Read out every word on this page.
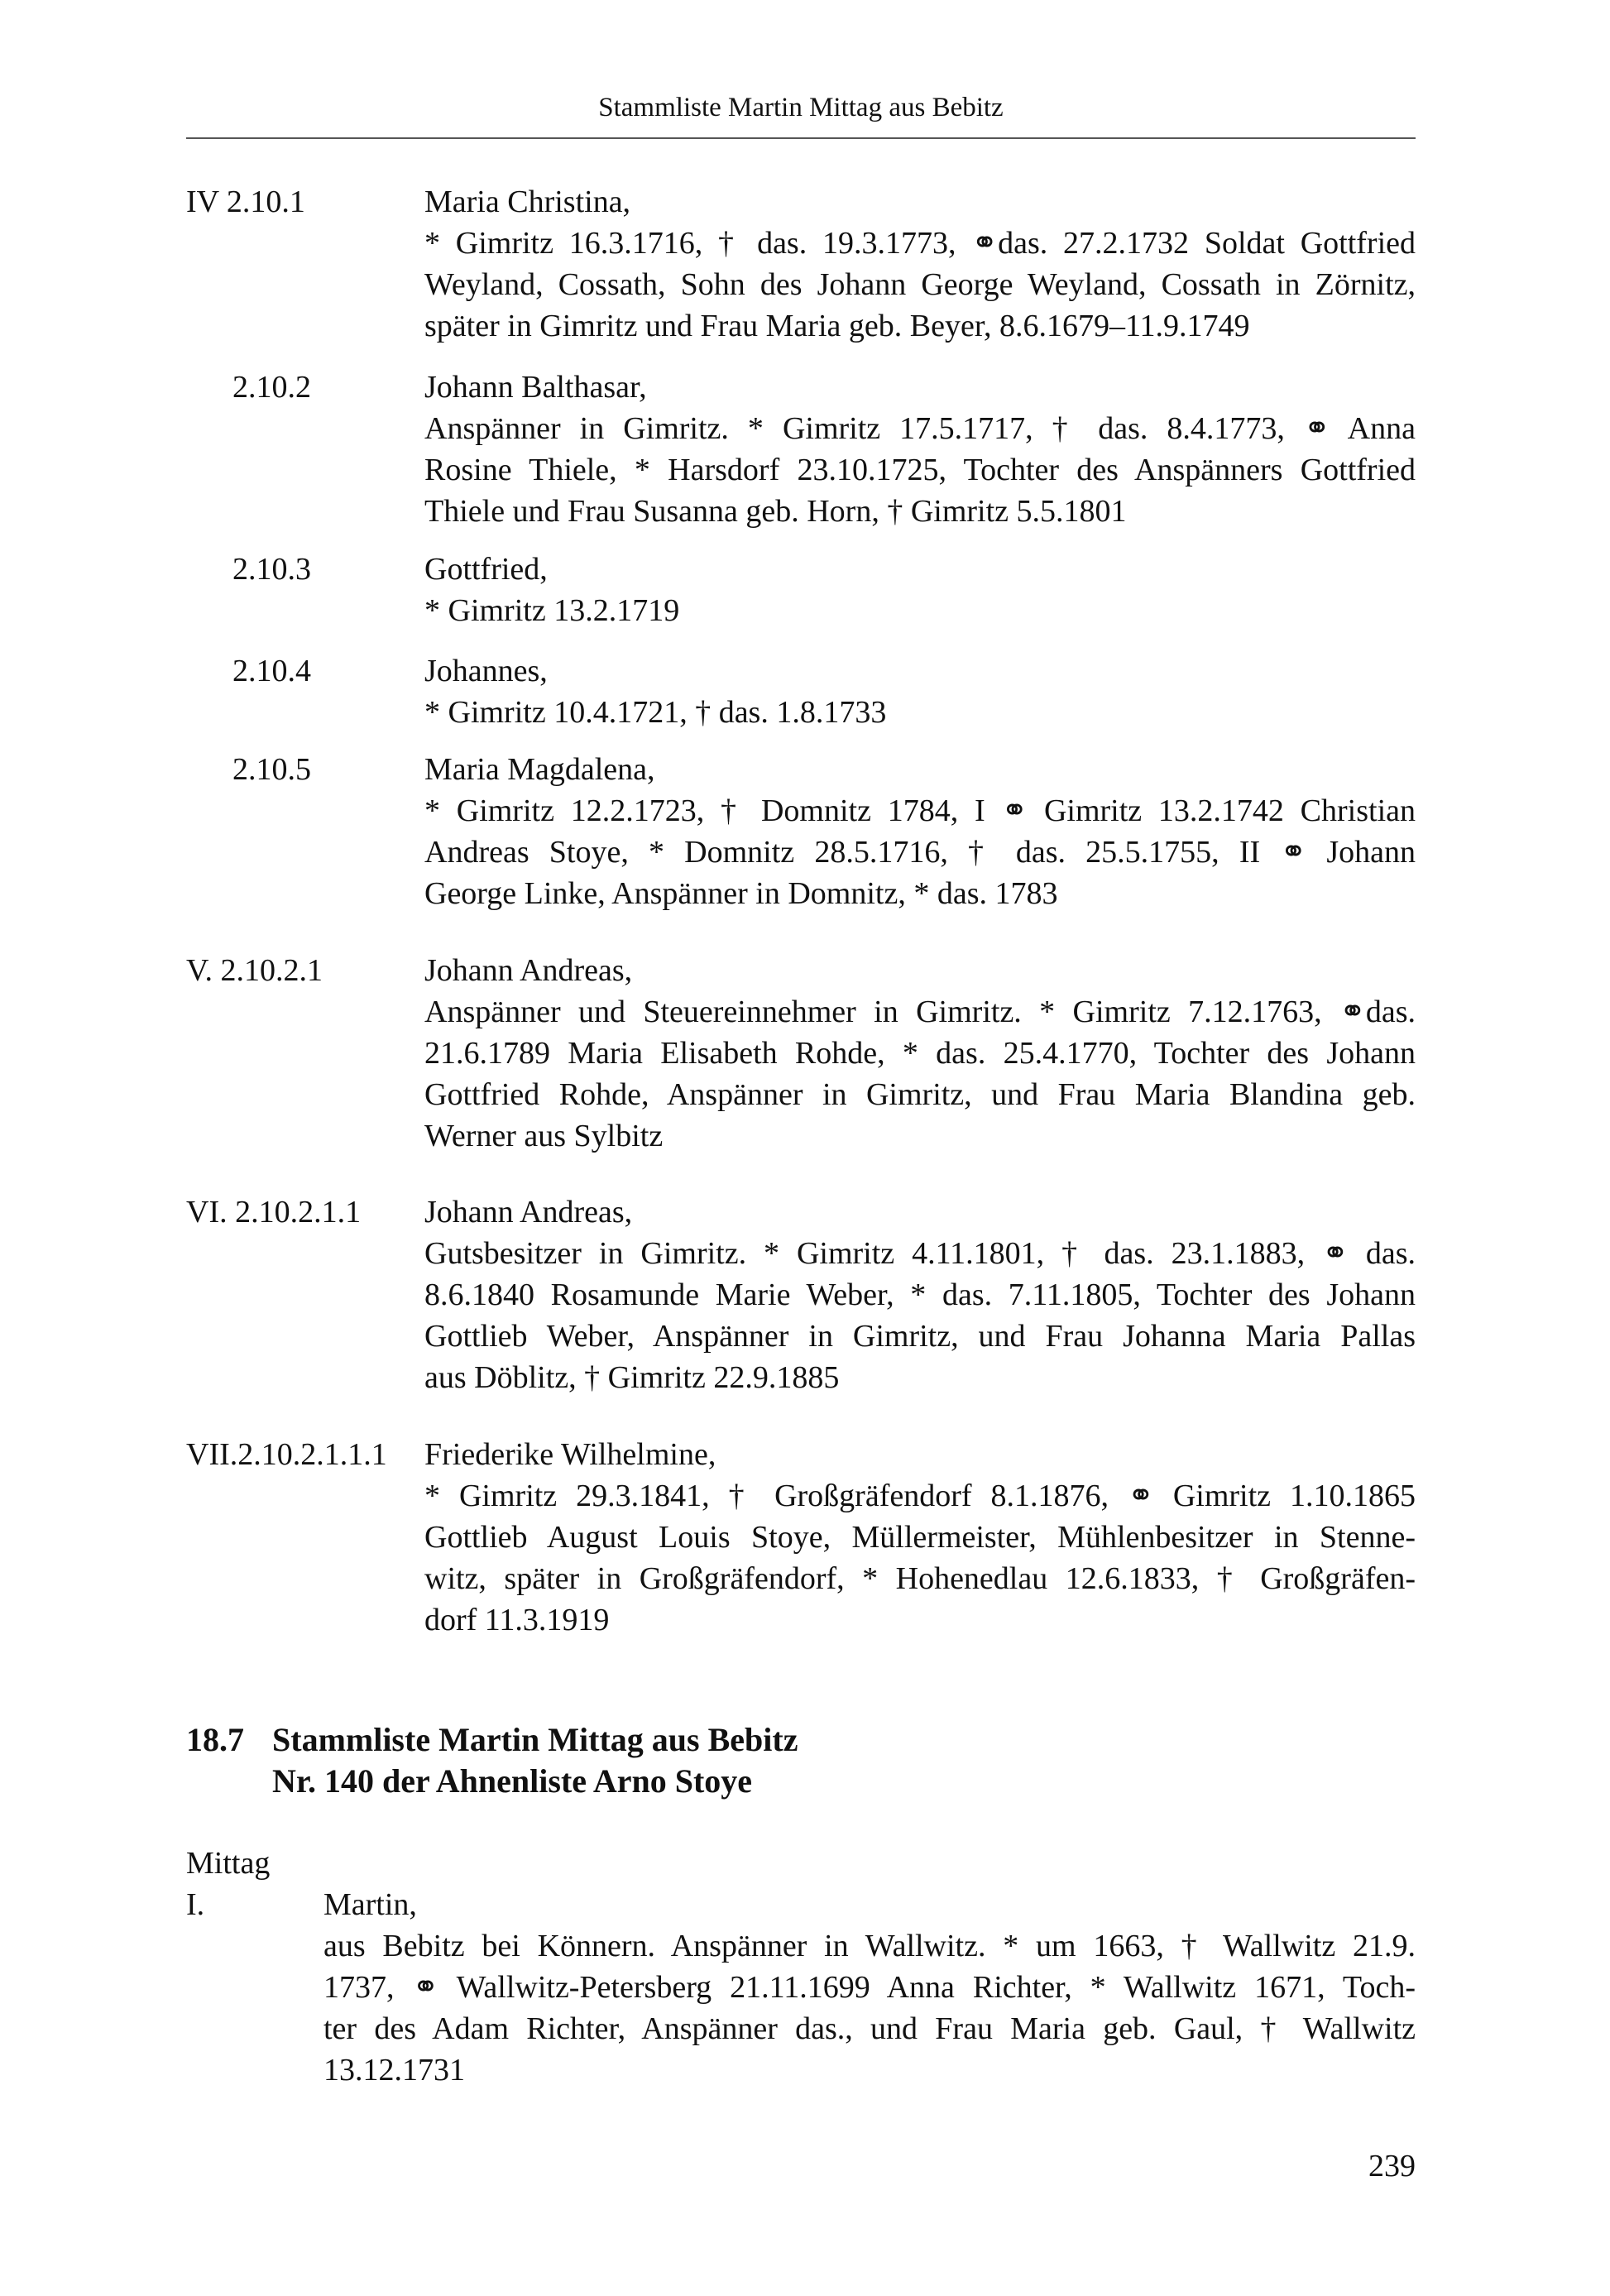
Stammliste Martin Mittag aus Bebitz
IV 2.10.1	Maria Christina,
* Gimritz 16.3.1716, † das. 19.3.1773, ⚭das. 27.2.1732 Soldat Gottfried
Weyland, Cossath, Sohn des Johann George Weyland, Cossath in Zörnitz,
später in Gimritz und Frau Maria geb. Beyer, 8.6.1679–11.9.1749
2.10.2	Johann Balthasar,
Anspänner in Gimritz. * Gimritz 17.5.1717, † das. 8.4.1773, ⚭ Anna
Rosine Thiele, * Harsdorf 23.10.1725, Tochter des Anspänners Gottfried
Thiele und Frau Susanna geb. Horn, † Gimritz 5.5.1801
2.10.3	Gottfried,
* Gimritz 13.2.1719
2.10.4	Johannes,
* Gimritz 10.4.1721, † das. 1.8.1733
2.10.5	Maria Magdalena,
* Gimritz 12.2.1723, † Domnitz 1784, I ⚭ Gimritz 13.2.1742 Christian
Andreas Stoye, * Domnitz 28.5.1716, † das. 25.5.1755, II ⚭ Johann
George Linke, Anspänner in Domnitz, * das. 1783
V. 2.10.2.1	Johann Andreas,
Anspänner und Steuereinnehmer in Gimritz. * Gimritz 7.12.1763, ⚭das.
21.6.1789 Maria Elisabeth Rohde, * das. 25.4.1770, Tochter des Johann
Gottfried Rohde, Anspänner in Gimritz, und Frau Maria Blandina geb.
Werner aus Sylbitz
VI. 2.10.2.1.1 Johann Andreas,
Gutsbesitzer in Gimritz. * Gimritz 4.11.1801, † das. 23.1.1883, ⚭ das.
8.6.1840 Rosamunde Marie Weber, * das. 7.11.1805, Tochter des Johann
Gottlieb Weber, Anspänner in Gimritz, und Frau Johanna Maria Pallas
aus Döblitz, † Gimritz 22.9.1885
VII.2.10.2.1.1.1 Friederike Wilhelmine,
* Gimritz 29.3.1841, † Großgräfendorf 8.1.1876, ⚭ Gimritz 1.10.1865
Gottlieb August Louis Stoye, Müllermeister, Mühlenbesitzer in Stenne-
witz, später in Großgräfendorf, * Hohenedlau 12.6.1833, † Großgräfen-
dorf 11.3.1919
18.7 Stammliste Martin Mittag aus Bebitz
Nr. 140 der Ahnenliste Arno Stoye
Mittag
I.	Martin,
aus Bebitz bei Könnern. Anspänner in Wallwitz. * um 1663, † Wallwitz 21.9.
1737, ⚭ Wallwitz-Petersberg 21.11.1699 Anna Richter, * Wallwitz 1671, Toch-
ter des Adam Richter, Anspänner das., und Frau Maria geb. Gaul, † Wallwitz
13.12.1731
239
